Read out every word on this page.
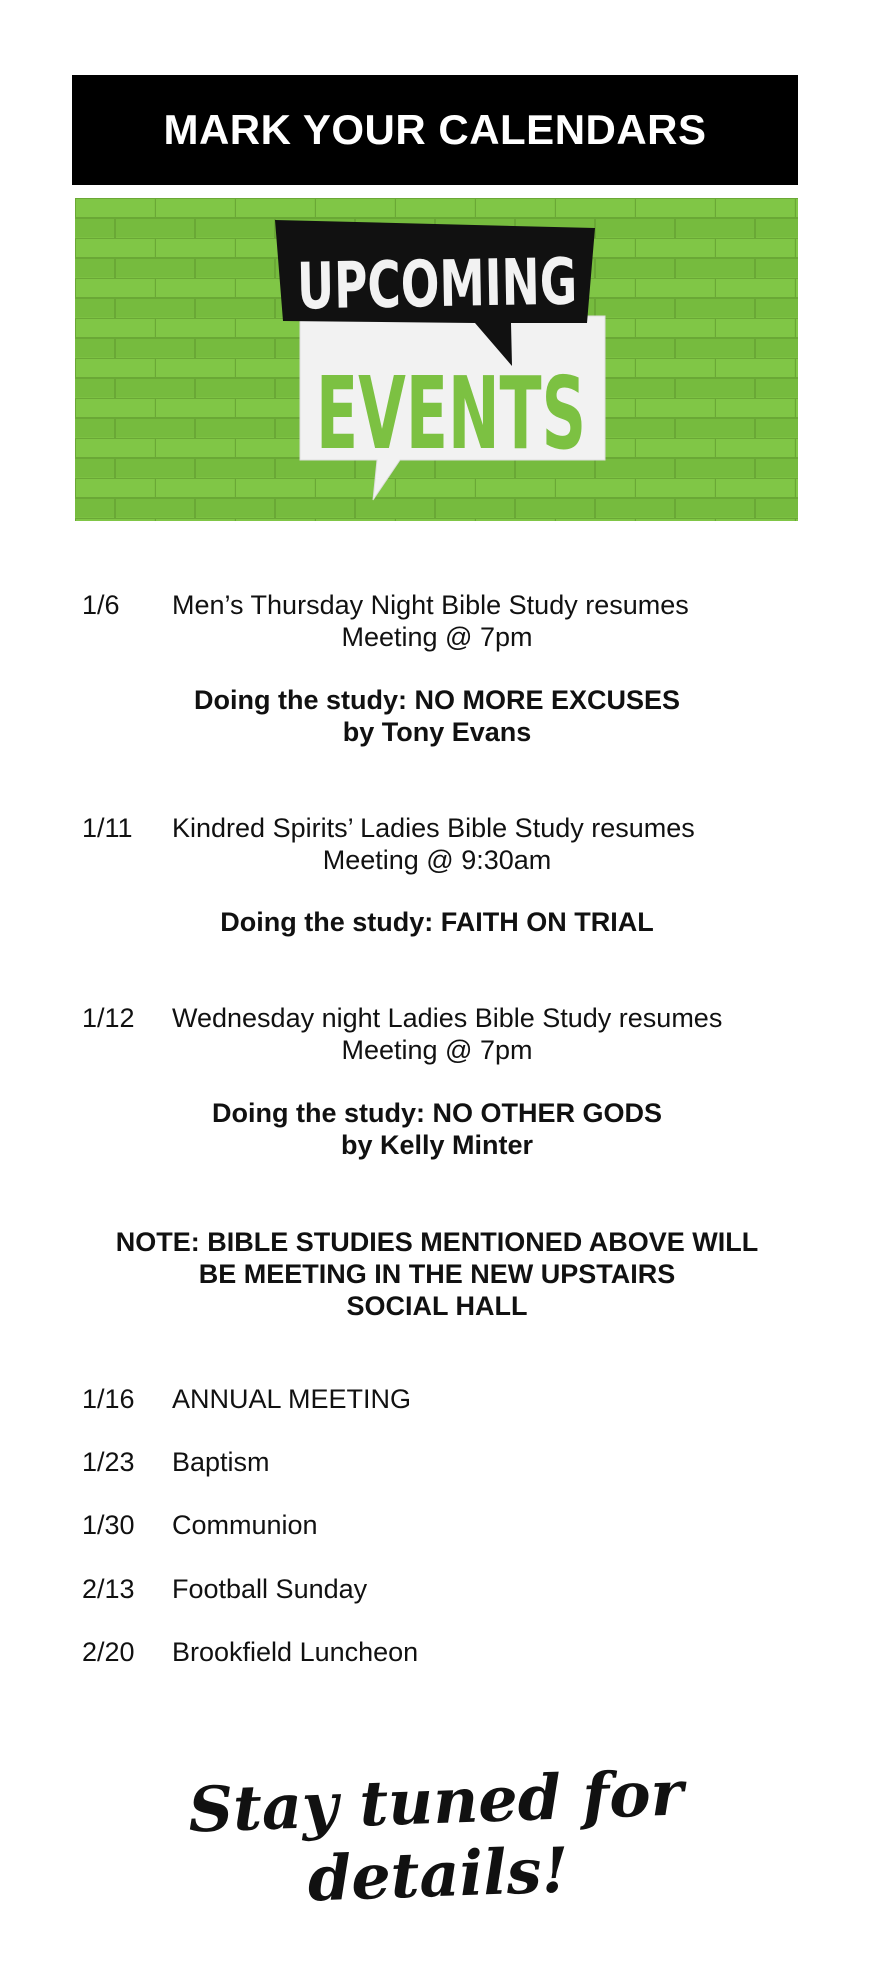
MARK YOUR CALENDARS
UPCOMING
EVENTS
1/6 Men’s Thursday Night Bible Study resumes
Meeting @ 7pm
Doing the study: NO MORE EXCUSES
by Tony Evans
1/11 Kindred Spirits’ Ladies Bible Study resumes
Meeting @ 9:30am
Doing the study: FAITH ON TRIAL
1/12 Wednesday night Ladies Bible Study resumes
Meeting @ 7pm
Doing the study: NO OTHER GODS
by Kelly Minter
NOTE: BIBLE STUDIES MENTIONED ABOVE WILL
BE MEETING IN THE NEW UPSTAIRS
SOCIAL HALL
1/16 ANNUAL MEETING
1/23 Baptism
1/30 Communion
2/13 Football Sunday
2/20 Brookfield Luncheon
Stay tuned for details!
